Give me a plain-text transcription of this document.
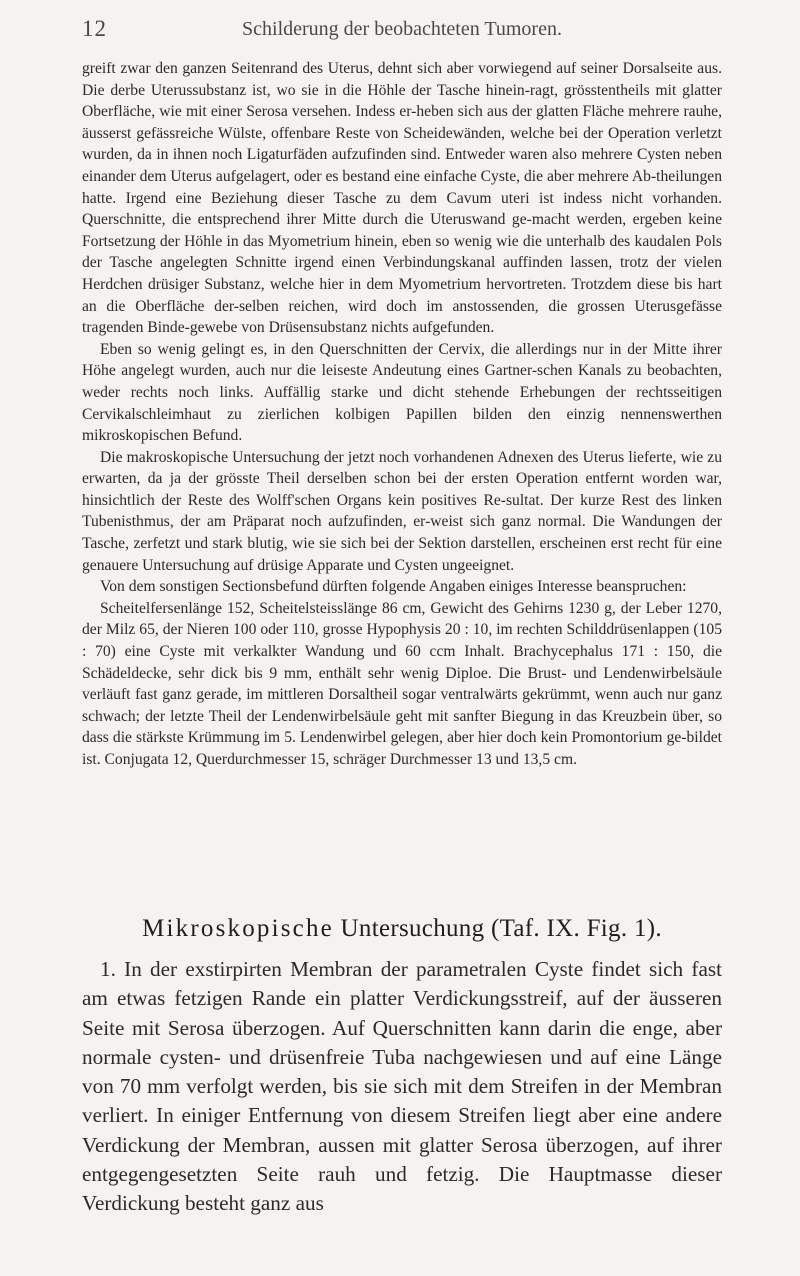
12	Schilderung der beobachteten Tumoren.

greift zwar den ganzen Seitenrand des Uterus, dehnt sich aber vorwiegend auf seiner Dorsalseite aus. Die derbe Uterussubstanz ist, wo sie in die Höhle der Tasche hinein-ragt, grösstentheils mit glatter Oberfläche, wie mit einer Serosa versehen. Indess er-heben sich aus der glatten Fläche mehrere rauhe, äusserst gefässreiche Wülste, offenbare Reste von Scheidewänden, welche bei der Operation verletzt wurden, da in ihnen noch Ligaturfäden aufzufinden sind. Entweder waren also mehrere Cysten neben einander dem Uterus aufgelagert, oder es bestand eine einfache Cyste, die aber mehrere Ab-theilungen hatte. Irgend eine Beziehung dieser Tasche zu dem Cavum uteri ist indess nicht vorhanden. Querschnitte, die entsprechend ihrer Mitte durch die Uteruswand ge-macht werden, ergeben keine Fortsetzung der Höhle in das Myometrium hinein, eben so wenig wie die unterhalb des kaudalen Pols der Tasche angelegten Schnitte irgend einen Verbindungskanal auffinden lassen, trotz der vielen Herdchen drüsiger Substanz, welche hier in dem Myometrium hervortreten. Trotzdem diese bis hart an die Oberfläche der-selben reichen, wird doch im anstossenden, die grossen Uterusgefässe tragenden Binde-gewebe von Drüsensubstanz nichts aufgefunden.

Eben so wenig gelingt es, in den Querschnitten der Cervix, die allerdings nur in der Mitte ihrer Höhe angelegt wurden, auch nur die leiseste Andeutung eines Gartner-schen Kanals zu beobachten, weder rechts noch links. Auffällig starke und dicht stehende Erhebungen der rechtsseitigen Cervikalschleimhaut zu zierlichen kolbigen Papillen bilden den einzig nennenswerthen mikroskopischen Befund.

Die makroskopische Untersuchung der jetzt noch vorhandenen Adnexen des Uterus lieferte, wie zu erwarten, da ja der grösste Theil derselben schon bei der ersten Operation entfernt worden war, hinsichtlich der Reste des Wolff'schen Organs kein positives Re-sultat. Der kurze Rest des linken Tubenisthmus, der am Präparat noch aufzufinden, er-weist sich ganz normal. Die Wandungen der Tasche, zerfetzt und stark blutig, wie sie sich bei der Sektion darstellen, erscheinen erst recht für eine genauere Untersuchung auf drüsige Apparate und Cysten ungeeignet.

Von dem sonstigen Sectionsbefund dürften folgende Angaben einiges Interesse beanspruchen:

Scheitelfersenlänge 152, Scheitelsteisslänge 86 cm, Gewicht des Gehirns 1230 g, der Leber 1270, der Milz 65, der Nieren 100 oder 110, grosse Hypophysis 20 : 10, im rechten Schilddrüsenlappen (105 : 70) eine Cyste mit verkalkter Wandung und 60 ccm Inhalt. Brachycephalus 171 : 150, die Schädeldecke, sehr dick bis 9 mm, enthält sehr wenig Diploe. Die Brust- und Lendenwirbelsäule verläuft fast ganz gerade, im mittleren Dorsaltheil sogar ventralwärts gekrümmt, wenn auch nur ganz schwach; der letzte Theil der Lendenwirbelsäule geht mit sanfter Biegung in das Kreuzbein über, so dass die stärkste Krümmung im 5. Lendenwirbel gelegen, aber hier doch kein Promontorium ge-bildet ist. Conjugata 12, Querdurchmesser 15, schräger Durchmesser 13 und 13,5 cm.

Mikroskopische Untersuchung (Taf. IX. Fig. 1).

1. In der exstirpirten Membran der parametralen Cyste findet sich fast am etwas fetzigen Rande ein platter Verdickungsstreif, auf der äusseren Seite mit Serosa überzogen. Auf Querschnitten kann darin die enge, aber normale cysten- und drüsenfreie Tuba nachgewiesen und auf eine Länge von 70 mm verfolgt werden, bis sie sich mit dem Streifen in der Membran verliert. In einiger Entfernung von diesem Streifen liegt aber eine andere Verdickung der Membran, aussen mit glatter Serosa überzogen, auf ihrer entgegengesetzten Seite rauh und fetzig. Die Hauptmasse dieser Verdickung besteht ganz aus
